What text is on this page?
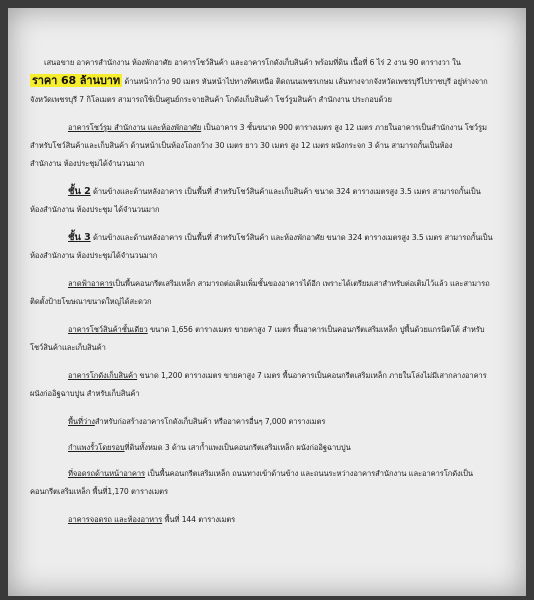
เสนอขาย อาคารสำนักงาน ห้องพักอาศัย อาคารโชว์สินค้า และอาคารโกดังเก็บสินค้า พร้อมที่ดิน เนื้อที่ 6 ไร่ 2 งาน 90 ตารางวา ใน
ราคา 68 ล้านบาท ด้านหน้ากว้าง 90 เมตร หันหน้าไปทางทิศเหนือ ติดถนนเพชรเกษม เส้นทางจากจังหวัดเพชรบุรีไปราชบุรี อยู่ห่างจาก
จังหวัดเพชรบุรี 7 กิโลเมตร สามารถใช้เป็นศูนย์กระจายสินค้า โกดังเก็บสินค้า โชว์รูมสินค้า สำนักงาน ประกอบด้วย
อาคารโชว์รูม สำนักงาน และห้องพักอาศัย เป็นอาคาร 3 ชั้นขนาด 900 ตารางเมตร สูง 12 เมตร ภายในอาคารเป็นสำนักงาน โชว์รูม
สำหรับโชว์สินค้าและเก็บสินค้า ด้านหน้าเป็นห้องโถงกว้าง 30 เมตร ยาว 30 เมตร สูง 12 เมตร ผนังกระจก 3 ด้าน สามารถกั้นเป็นห้อง
สำนักงาน ห้องประชุมได้จำนวนมาก
ชั้น 2 ด้านข้างและด้านหลังอาคาร เป็นพื้นที่ สำหรับโชว์สินค้าและเก็บสินค้า ขนาด 324 ตารางเมตรสูง 3.5 เมตร สามารถกั้นเป็น
ห้องสำนักงาน ห้องประชุม ได้จำนวนมาก
ชั้น 3 ด้านข้างและด้านหลังอาคาร เป็นพื้นที่ สำหรับโชว์สินค้า และห้องพักอาศัย ขนาด 324 ตารางเมตรสูง 3.5 เมตร สามารถกั้นเป็น
ห้องสำนักงาน ห้องประชุมได้จำนวนมาก
ลาดฟ้าอาคารเป็นพื้นคอนกรีตเสริมเหล็ก สามารถต่อเติมเพิ่มชั้นของอาคารได้อีก เพราะได้เตรียมเสาสำหรับต่อเติมไว้แล้ว และสามารถ
ติดตั้งป้ายโฆษณาขนาดใหญ่ได้สะดวก
อาคารโชว์สินค้าชั้นเดียว ขนาด 1,656 ตารางเมตร ขายคาสูง 7 เมตร พื้นอาคารเป็นคอนกรีตเสริมเหล็ก ปูพื้นด้วยแกรนิตโต้ สำหรับ
โชว์สินค้าและเก็บสินค้า
อาคารโกดังเก็บสินค้า ขนาด 1,200 ตารางเมตร ขายคาสูง 7 เมตร พื้นอาคารเป็นคอนกรีตเสริมเหล็ก ภายในโล่งไม่มีเสากลางอาคาร
ผนังก่ออิฐฉาบปูน สำหรับเก็บสินค้า
พื้นที่ว่างสำหรับก่อสร้างอาคารโกดังเก็บสินค้า หรืออาคารอื่นๆ 7,000 ตารางเมตร
กำแพงรั้วโดยรอบที่ดินทั้งหมด 3 ด้าน เสาก้ำแพงเป็นคอนกรีตเสริมเหล็ก ผนังก่ออิฐฉาบปูน
ที่จอดรถด้านหน้าอาคาร เป็นพื้นคอนกรีตเสริมเหล็ก ถนนทางเข้าด้านข้าง และถนนระหว่างอาคารสำนักงาน และอาคารโกดังเป็น
คอนกรีตเสริมเหล็ก พื้นที่1,170 ตารางเมตร
อาคารจอดรถ และห้องอาหาร พื้นที่ 144 ตารางเมตร
